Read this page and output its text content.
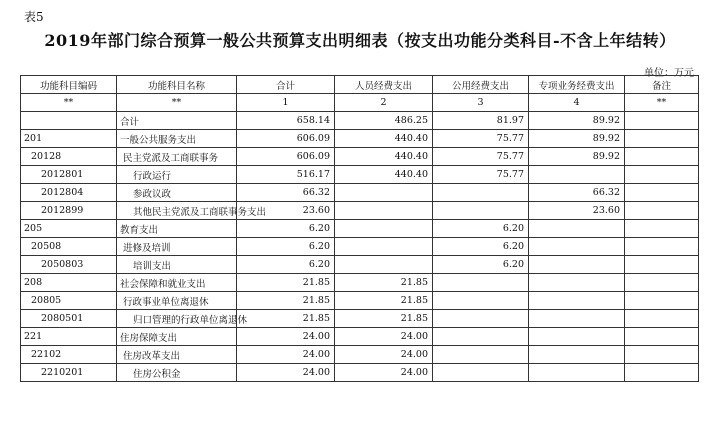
表5
2019年部门综合预算一般公共预算支出明细表（按支出功能分类科目-不含上年结转）
单位：万元
功能科目编码	功能科目名称	合计	人员经费支出	公用经费支出	专项业务经费支出	备注
**	**	1	2	3	4	**
	合计	658.14	486.25	81.97	89.92	
201	一般公共服务支出	606.09	440.40	75.77	89.92	
20128	民主党派及工商联事务	606.09	440.40	75.77	89.92	
2012801	行政运行	516.17	440.40	75.77		
2012804	参政议政	66.32			66.32	
2012899	其他民主党派及工商联事务支出	23.60			23.60	
205	教育支出	6.20		6.20		
20508	进修及培训	6.20		6.20		
2050803	培训支出	6.20		6.20		
208	社会保障和就业支出	21.85	21.85			
20805	行政事业单位离退休	21.85	21.85			
2080501	归口管理的行政单位离退休	21.85	21.85			
221	住房保障支出	24.00	24.00			
22102	住房改革支出	24.00	24.00			
2210201	住房公积金	24.00	24.00			
